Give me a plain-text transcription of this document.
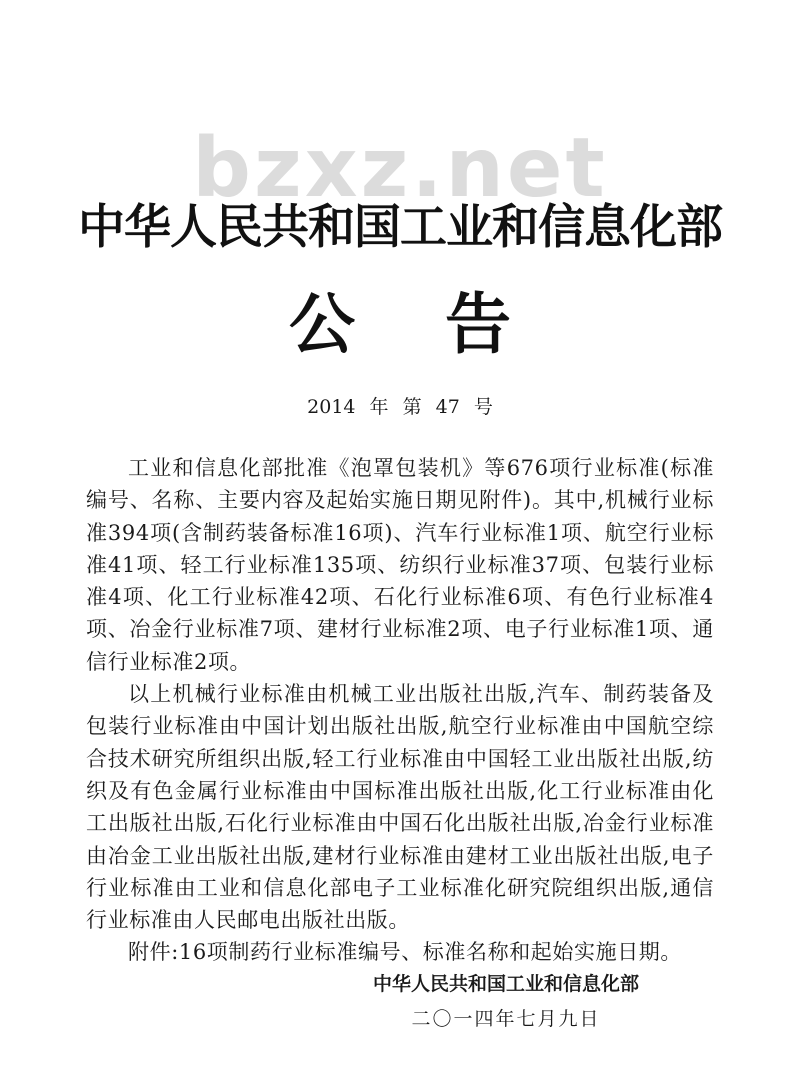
bzxz.net
中华人民共和国工业和信息化部
公告
2014 年 第 47 号

工业和信息化部批准《泡罩包装机》等676项行业标准(标准编号、名称、主要内容及起始实施日期见附件)。其中,机械行业标准394项(含制药装备标准16项)、汽车行业标准1项、航空行业标准41项、轻工行业标准135项、纺织行业标准37项、包装行业标准4项、化工行业标准42项、石化行业标准6项、有色行业标准4项、冶金行业标准7项、建材行业标准2项、电子行业标准1项、通信行业标准2项。

以上机械行业标准由机械工业出版社出版,汽车、制药装备及包装行业标准由中国计划出版社出版,航空行业标准由中国航空综合技术研究所组织出版,轻工行业标准由中国轻工业出版社出版,纺织及有色金属行业标准由中国标准出版社出版,化工行业标准由化工出版社出版,石化行业标准由中国石化出版社出版,冶金行业标准由冶金工业出版社出版,建材行业标准由建材工业出版社出版,电子行业标准由工业和信息化部电子工业标准化研究院组织出版,通信行业标准由人民邮电出版社出版。

附件:16项制药行业标准编号、标准名称和起始实施日期。

中华人民共和国工业和信息化部
二〇一四年七月九日
